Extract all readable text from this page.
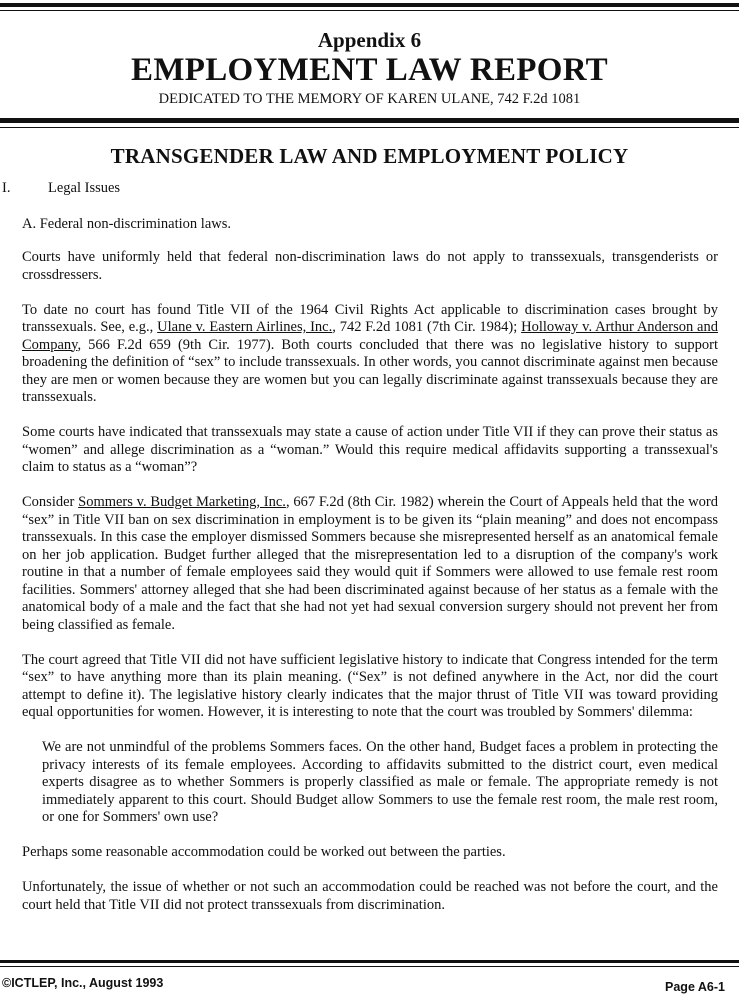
Appendix 6
EMPLOYMENT LAW REPORT
DEDICATED TO THE MEMORY OF KAREN ULANE, 742 F.2d 1081
TRANSGENDER LAW AND EMPLOYMENT POLICY
I.	Legal Issues
A. Federal non-discrimination laws.

Courts have uniformly held that federal non-discrimination laws do not apply to transsexuals, transgenderists or crossdressers.

To date no court has found Title VII of the 1964 Civil Rights Act applicable to discrimination cases brought by transsexuals. See, e.g., Ulane v. Eastern Airlines, Inc., 742 F.2d 1081 (7th Cir. 1984); Holloway v. Arthur Anderson and Company, 566 F.2d 659 (9th Cir. 1977). Both courts concluded that there was no legislative history to support broadening the definition of “sex” to include transsexuals. In other words, you cannot discriminate against men because they are men or women because they are women but you can legally discriminate against transsexuals because they are transsexuals.

Some courts have indicated that transsexuals may state a cause of action under Title VII if they can prove their status as “women” and allege discrimination as a “woman.” Would this require medical affidavits supporting a transsexual's claim to status as a “woman”?

Consider Sommers v. Budget Marketing, Inc., 667 F.2d (8th Cir. 1982) wherein the Court of Appeals held that the word “sex” in Title VII ban on sex discrimination in employment is to be given its “plain meaning” and does not encompass transsexuals. In this case the employer dismissed Sommers because she misrepresented herself as an anatomical female on her job application. Budget further alleged that the misrepresentation led to a disruption of the company's work routine in that a number of female employees said they would quit if Sommers were allowed to use female rest room facilities. Sommers' attorney alleged that she had been discriminated against because of her status as a female with the anatomical body of a male and the fact that she had not yet had sexual conversion surgery should not prevent her from being classified as female.

The court agreed that Title VII did not have sufficient legislative history to indicate that Congress intended for the term “sex” to have anything more than its plain meaning. (“Sex” is not defined anywhere in the Act, nor did the court attempt to define it). The legislative history clearly indicates that the major thrust of Title VII was toward providing equal opportunities for women. However, it is interesting to note that the court was troubled by Sommers' dilemma:

We are not unmindful of the problems Sommers faces. On the other hand, Budget faces a problem in protecting the privacy interests of its female employees. According to affidavits submitted to the district court, even medical experts disagree as to whether Sommers is properly classified as male or female. The appropriate remedy is not immediately apparent to this court. Should Budget allow Sommers to use the female rest room, the male rest room, or one for Sommers' own use?

Perhaps some reasonable accommodation could be worked out between the parties.

Unfortunately, the issue of whether or not such an accommodation could be reached was not before the court, and the court held that Title VII did not protect transsexuals from discrimination.

©ICTLEP, Inc., August 1993	Page A6-1
